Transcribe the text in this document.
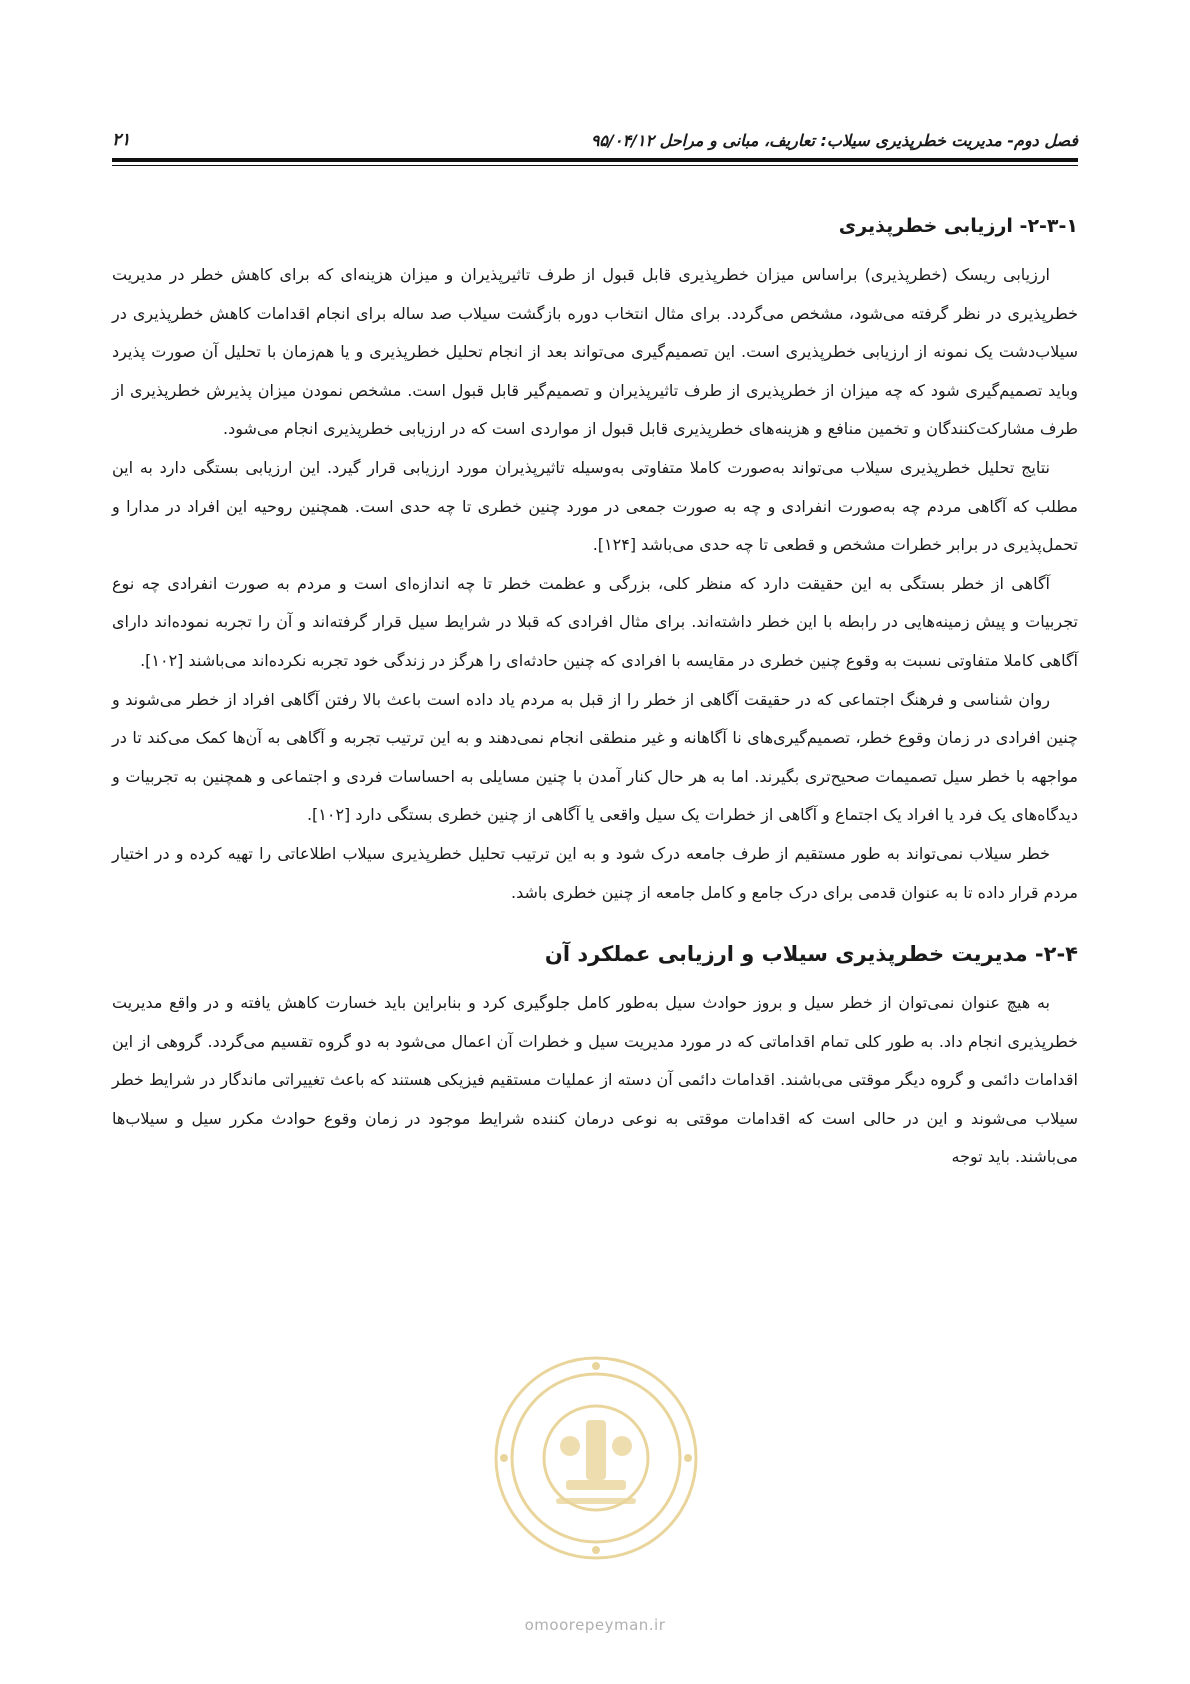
فصل دوم- مدیریت خطرپذیری سیلاب: تعاریف، مبانی و مراحل ۹۵/۰۴/۱۲
۲۱
۲-۳-۱- ارزیابی خطرپذیری

ارزیابی ریسک (خطرپذیری) براساس میزان خطرپذیری قابل قبول از طرف تاثیرپذیران و میزان هزینه‌ای که برای کاهش خطر در مدیریت خطرپذیری در نظر گرفته می‌شود، مشخص می‌گردد. برای مثال انتخاب دوره بازگشت سیلاب صد ساله برای انجام اقدامات کاهش خطرپذیری در سیلاب‌دشت یک نمونه از ارزیابی خطرپذیری است. این تصمیم‌گیری می‌تواند بعد از انجام تحلیل خطرپذیری و یا هم‌زمان با تحلیل آن صورت پذیرد وباید تصمیم‌گیری شود که چه میزان از خطرپذیری از طرف تاثیرپذیران و تصمیم‌گیر قابل قبول است. مشخص نمودن میزان پذیرش خطرپذیری از طرف مشارکت‌کنندگان و تخمین منافع و هزینه‌های خطرپذیری قابل قبول از مواردی است که در ارزیابی خطرپذیری انجام می‌شود.

نتایج تحلیل خطرپذیری سیلاب می‌تواند به‌صورت کاملا متفاوتی به‌وسیله تاثیرپذیران مورد ارزیابی قرار گیرد. این ارزیابی بستگی دارد به این مطلب که آگاهی مردم چه به‌صورت انفرادی و چه به صورت جمعی در مورد چنین خطری تا چه حدی است. همچنین روحیه این افراد در مدارا و تحمل‌پذیری در برابر خطرات مشخص و قطعی تا چه حدی می‌باشد [۱۲۴].

آگاهی از خطر بستگی به این حقیقت دارد که منظر کلی، بزرگی و عظمت خطر تا چه اندازه‌ای است و مردم به صورت انفرادی چه نوع تجربیات و پیش زمینه‌هایی در رابطه با این خطر داشته‌اند. برای مثال افرادی که قبلا در شرایط سیل قرار گرفته‌اند و آن را تجربه نموده‌اند دارای آگاهی کاملا متفاوتی نسبت به وقوع چنین خطری در مقایسه با افرادی که چنین حادثه‌ای را هرگز در زندگی خود تجربه نکرده‌اند می‌باشند [۱۰۲].

روان شناسی و فرهنگ اجتماعی که در حقیقت آگاهی از خطر را از قبل به مردم یاد داده است باعث بالا رفتن آگاهی افراد از خطر می‌شوند و چنین افرادی در زمان وقوع خطر، تصمیم‌گیری‌های نا آگاهانه و غیر منطقی انجام نمی‌دهند و به این ترتیب تجربه و آگاهی به آن‌ها کمک می‌کند تا در مواجهه با خطر سیل تصمیمات صحیح‌تری بگیرند. اما به هر حال کنار آمدن با چنین مسایلی به احساسات فردی و اجتماعی و همچنین به تجربیات و دیدگاه‌های یک فرد یا افراد یک اجتماع و آگاهی از خطرات یک سیل واقعی یا آگاهی از چنین خطری بستگی دارد [۱۰۲].

خطر سیلاب نمی‌تواند به طور مستقیم از طرف جامعه درک شود و به این ترتیب تحلیل خطرپذیری سیلاب اطلاعاتی را تهیه کرده و در اختیار مردم قرار داده تا به عنوان قدمی برای درک جامع و کامل جامعه از چنین خطری باشد.

۲-۴- مدیریت خطرپذیری سیلاب و ارزیابی عملکرد آن

به هیچ عنوان نمی‌توان از خطر سیل و بروز حوادث سیل به‌طور کامل جلوگیری کرد و بنابراین باید خسارت کاهش یافته و در واقع مدیریت خطرپذیری انجام داد. به طور کلی تمام اقداماتی که در مورد مدیریت سیل و خطرات آن اعمال می‌شود به دو گروه تقسیم می‌گردد. گروهی از این اقدامات دائمی و گروه دیگر موقتی می‌باشند. اقدامات دائمی آن دسته از عملیات مستقیم فیزیکی هستند که باعث تغییراتی ماندگار در شرایط خطر سیلاب می‌شوند و این در حالی است که اقدامات موقتی به نوعی درمان کننده شرایط موجود در زمان وقوع حوادث مکرر سیل و سیلاب‌ها می‌باشند. باید توجه

omoorepeyman.ir
